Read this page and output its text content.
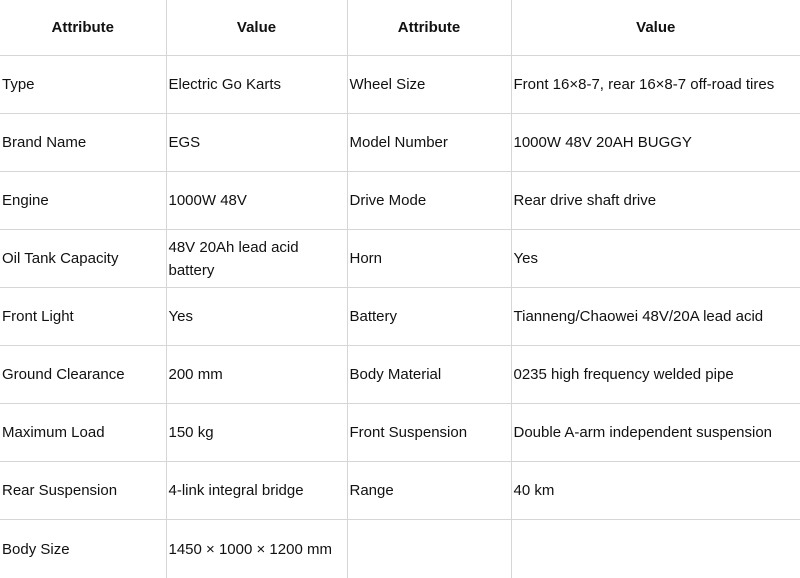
Attribute	Value	Attribute	Value
Type	Electric Go Karts	Wheel Size	Front 16×8-7, rear 16×8-7 off-road tires
Brand Name	EGS	Model Number	1000W 48V 20AH BUGGY
Engine	1000W 48V	Drive Mode	Rear drive shaft drive
Oil Tank Capacity	48V 20Ah lead acid battery	Horn	Yes
Front Light	Yes	Battery	Tianneng/Chaowei 48V/20A lead acid
Ground Clearance	200 mm	Body Material	0235 high frequency welded pipe
Maximum Load	150 kg	Front Suspension	Double A-arm independent suspension
Rear Suspension	4-link integral bridge	Range	40 km
Body Size	1450 × 1000 × 1200 mm		
